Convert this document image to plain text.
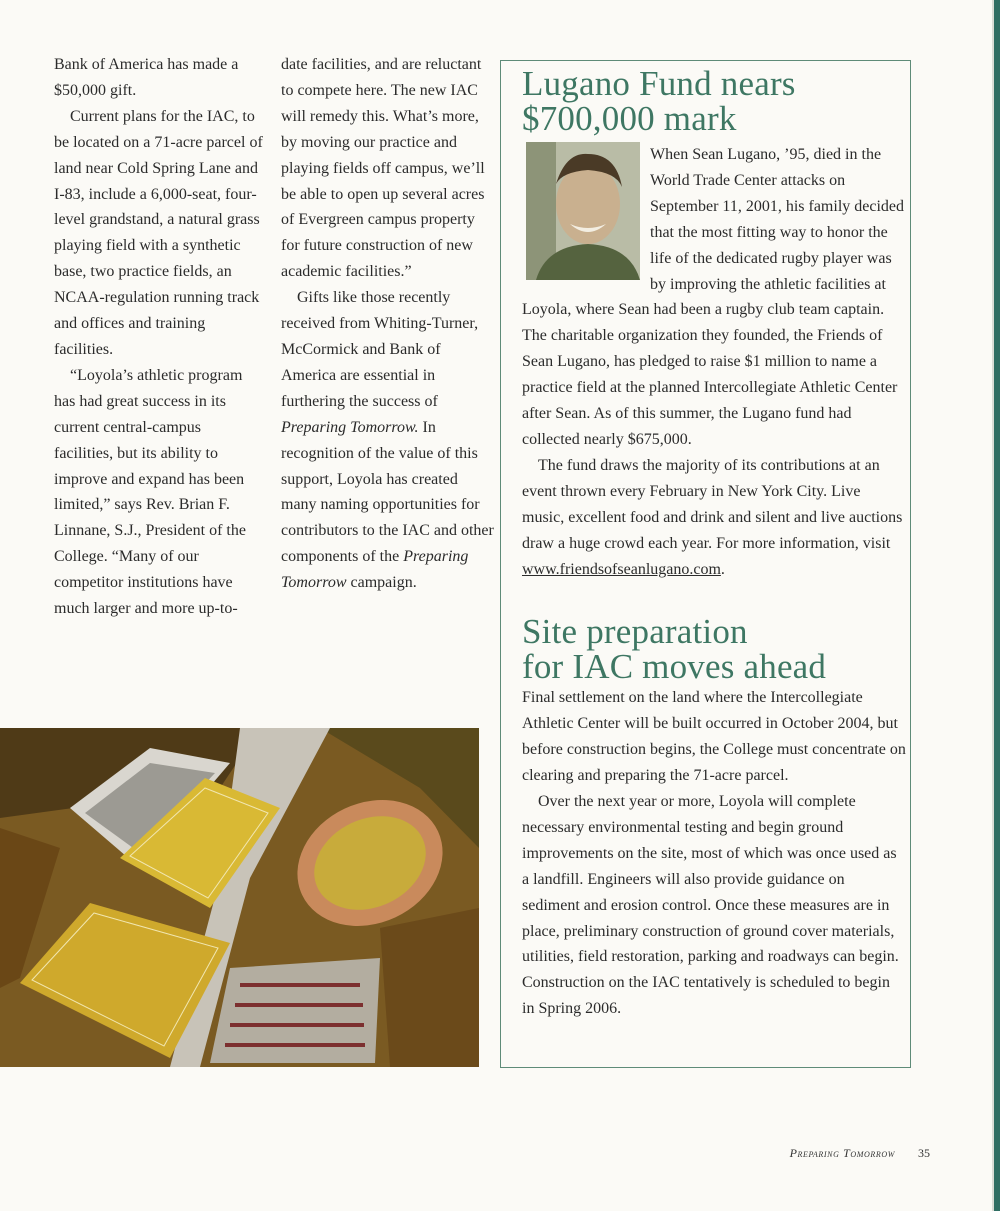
Bank of America has made a $50,000 gift.

Current plans for the IAC, to be located on a 71-acre parcel of land near Cold Spring Lane and I-83, include a 6,000-seat, four-level grandstand, a natural grass playing field with a synthetic base, two practice fields, an NCAA-regulation running track and offices and training facilities.

“Loyola’s athletic program has had great success in its current central-campus facilities, but its ability to improve and expand has been limited,” says Rev. Brian F. Linnane, S.J., President of the College. “Many of our competitor institutions have much larger and more up-to-

date facilities, and are reluctant to compete here. The new IAC will remedy this. What’s more, by moving our practice and playing fields off campus, we’ll be able to open up several acres of Evergreen campus property for future construction of new academic facilities.”

Gifts like those recently received from Whiting-Turner, McCormick and Bank of America are essential in furthering the success of Preparing Tomorrow. In recognition of the value of this support, Loyola has created many naming opportunities for contributors to the IAC and other components of the Preparing Tomorrow campaign.

Lugano Fund nears
$700,000 mark

When Sean Lugano, ’95, died in the World Trade Center attacks on September 11, 2001, his family decided that the most fitting way to honor the life of the dedicated rugby player was by improving the athletic facilities at Loyola, where Sean had been a rugby club team captain. The charitable organization they founded, the Friends of Sean Lugano, has pledged to raise $1 million to name a practice field at the planned Intercollegiate Athletic Center after Sean. As of this summer, the Lugano fund had collected nearly $675,000.

The fund draws the majority of its contributions at an event thrown every February in New York City. Live music, excellent food and drink and silent and live auctions draw a huge crowd each year. For more information, visit www.friendsofseanlugano.com.

Site preparation
for IAC moves ahead

Final settlement on the land where the Intercollegiate Athletic Center will be built occurred in October 2004, but before construction begins, the College must concentrate on clearing and preparing the 71-acre parcel.

Over the next year or more, Loyola will complete necessary environmental testing and begin ground improvements on the site, most of which was once used as a landfill. Engineers will also provide guidance on sediment and erosion control. Once these measures are in place, preliminary construction of ground cover materials, utilities, field restoration, parking and roadways can begin. Construction on the IAC tentatively is scheduled to begin in Spring 2006.

Preparing Tomorrow 35
